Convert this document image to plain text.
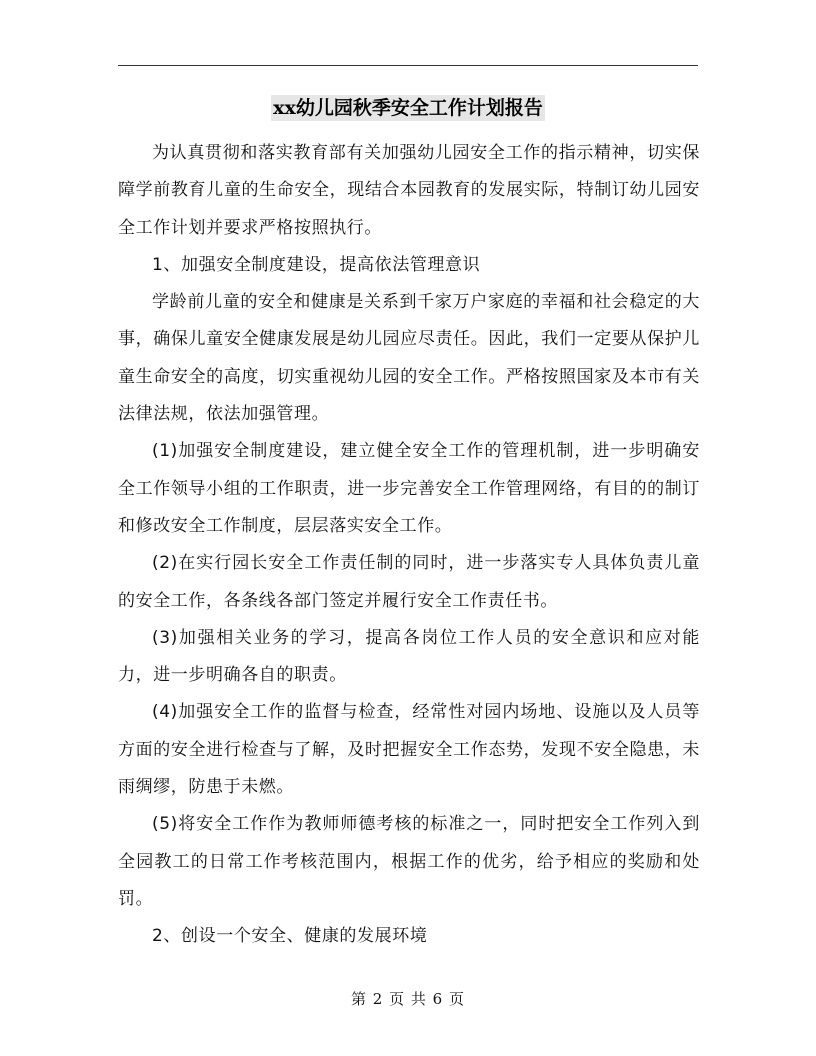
xx幼儿园秋季安全工作计划报告

为认真贯彻和落实教育部有关加强幼儿园安全工作的指示精神，切实保障学前教育儿童的生命安全，现结合本园教育的发展实际，特制订幼儿园安全工作计划并要求严格按照执行。

1、加强安全制度建设，提高依法管理意识

学龄前儿童的安全和健康是关系到千家万户家庭的幸福和社会稳定的大事，确保儿童安全健康发展是幼儿园应尽责任。因此，我们一定要从保护儿童生命安全的高度，切实重视幼儿园的安全工作。严格按照国家及本市有关法律法规，依法加强管理。

(1)加强安全制度建设，建立健全安全工作的管理机制，进一步明确安全工作领导小组的工作职责，进一步完善安全工作管理网络，有目的的制订和修改安全工作制度，层层落实安全工作。

(2)在实行园长安全工作责任制的同时，进一步落实专人具体负责儿童的安全工作，各条线各部门签定并履行安全工作责任书。

(3)加强相关业务的学习，提高各岗位工作人员的安全意识和应对能力，进一步明确各自的职责。

(4)加强安全工作的监督与检查，经常性对园内场地、设施以及人员等方面的安全进行检查与了解，及时把握安全工作态势，发现不安全隐患，未雨绸缪，防患于未燃。

(5)将安全工作作为教师师德考核的标准之一，同时把安全工作列入到全园教工的日常工作考核范围内，根据工作的优劣，给予相应的奖励和处罚。

2、创设一个安全、健康的发展环境

第 2 页 共 6 页
